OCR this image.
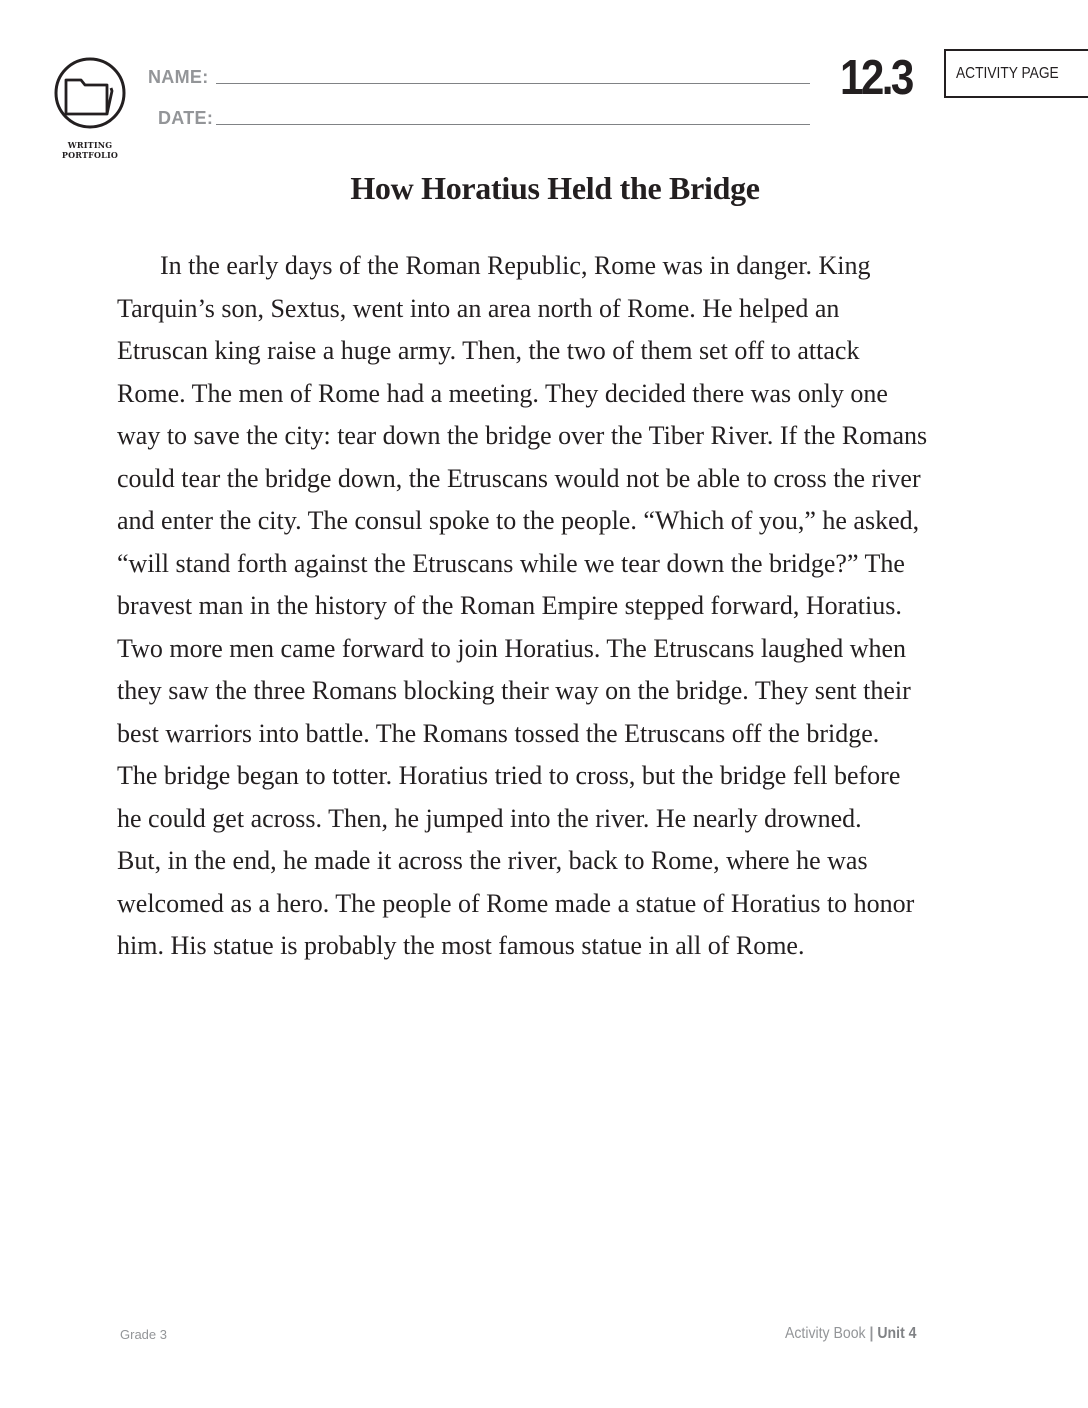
WRITING
PORTFOLIO
NAME:
DATE:
12.3	ACTIVITY PAGE
How Horatius Held the Bridge
In the early days of the Roman Republic, Rome was in danger. King
Tarquin’s son, Sextus, went into an area north of Rome. He helped an
Etruscan king raise a huge army. Then, the two of them set off to attack
Rome. The men of Rome had a meeting. They decided there was only one
way to save the city: tear down the bridge over the Tiber River. If the Romans
could tear the bridge down, the Etruscans would not be able to cross the river
and enter the city. The consul spoke to the people. “Which of you,” he asked,
“will stand forth against the Etruscans while we tear down the bridge?” The
bravest man in the history of the Roman Empire stepped forward, Horatius.
Two more men came forward to join Horatius. The Etruscans laughed when
they saw the three Romans blocking their way on the bridge. They sent their
best warriors into battle. The Romans tossed the Etruscans off the bridge.
The bridge began to totter. Horatius tried to cross, but the bridge fell before
he could get across. Then, he jumped into the river. He nearly drowned.
But, in the end, he made it across the river, back to Rome, where he was
welcomed as a hero. The people of Rome made a statue of Horatius to honor
him. His statue is probably the most famous statue in all of Rome.
Grade 3	Activity Book | Unit 4
